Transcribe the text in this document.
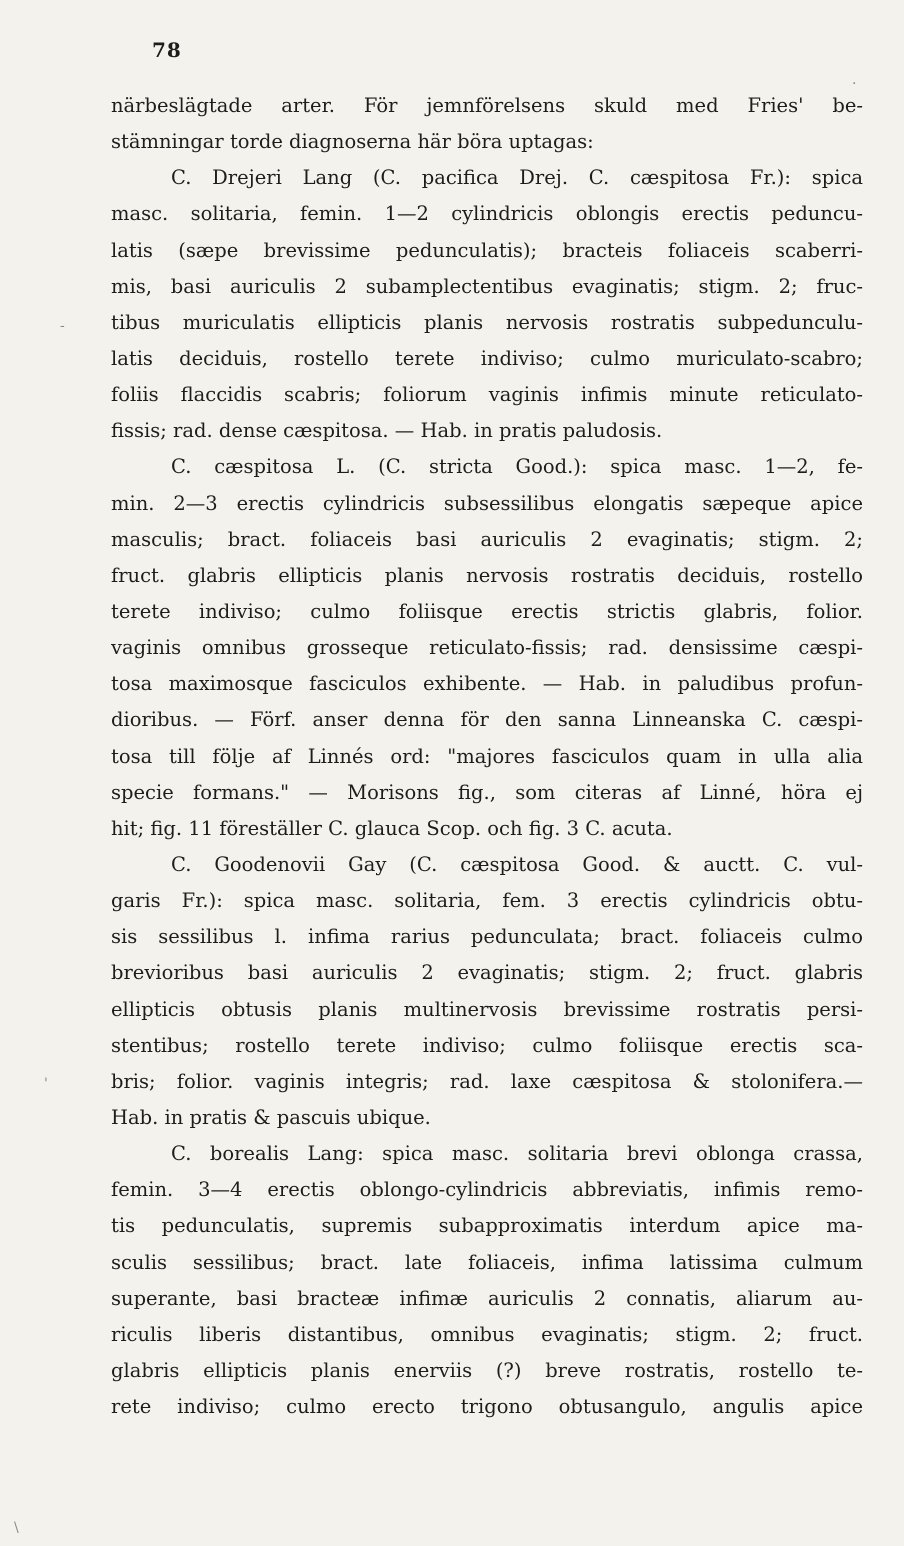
78
närbeslägtade arter. För jemnförelsens skuld med Fries' be-
stämningar torde diagnoserna här böra uptagas:
C. Drejeri Lang (C. pacifica Drej. C. cæspitosa Fr.): spica
masc. solitaria, femin. 1—2 cylindricis oblongis erectis peduncu-
latis (sæpe brevissime pedunculatis); bracteis foliaceis scaberri-
mis, basi auriculis 2 subamplectentibus evaginatis; stigm. 2; fruc-
tibus muriculatis ellipticis planis nervosis rostratis subpedunculu-
latis deciduis, rostello terete indiviso; culmo muriculato-scabro;
foliis flaccidis scabris; foliorum vaginis infimis minute reticulato-
fissis; rad. dense cæspitosa. — Hab. in pratis paludosis.
C. cæspitosa L. (C. stricta Good.): spica masc. 1—2, fe-
min. 2—3 erectis cylindricis subsessilibus elongatis sæpeque apice
masculis; bract. foliaceis basi auriculis 2 evaginatis; stigm. 2;
fruct. glabris ellipticis planis nervosis rostratis deciduis, rostello
terete indiviso; culmo foliisque erectis strictis glabris, folior.
vaginis omnibus grosseque reticulato-fissis; rad. densissime cæspi-
tosa maximosque fasciculos exhibente. — Hab. in paludibus profun-
dioribus. — Förf. anser denna för den sanna Linneanska C. cæspi-
tosa till följe af Linnés ord: "majores fasciculos quam in ulla alia
specie formans." — Morisons fig., som citeras af Linné, höra ej
hit; fig. 11 föreställer C. glauca Scop. och fig. 3 C. acuta.
C. Goodenovii Gay (C. cæspitosa Good. & auctt. C. vul-
garis Fr.): spica masc. solitaria, fem. 3 erectis cylindricis obtu-
sis sessilibus l. infima rarius pedunculata; bract. foliaceis culmo
brevioribus basi auriculis 2 evaginatis; stigm. 2; fruct. glabris
ellipticis obtusis planis multinervosis brevissime rostratis persi-
stentibus; rostello terete indiviso; culmo foliisque erectis sca-
bris; folior. vaginis integris; rad. laxe cæspitosa & stolonifera.—
Hab. in pratis & pascuis ubique.
C. borealis Lang: spica masc. solitaria brevi oblonga crassa,
femin. 3—4 erectis oblongo-cylindricis abbreviatis, infimis remo-
tis pedunculatis, supremis subapproximatis interdum apice ma-
sculis sessilibus; bract. late foliaceis, infima latissima culmum
superante, basi bracteæ infimæ auriculis 2 connatis, aliarum au-
riculis liberis distantibus, omnibus evaginatis; stigm. 2; fruct.
glabris ellipticis planis enerviis (?) breve rostratis, rostello te-
rete indiviso; culmo erecto trigono obtusangulo, angulis apice
·
-
'
\
